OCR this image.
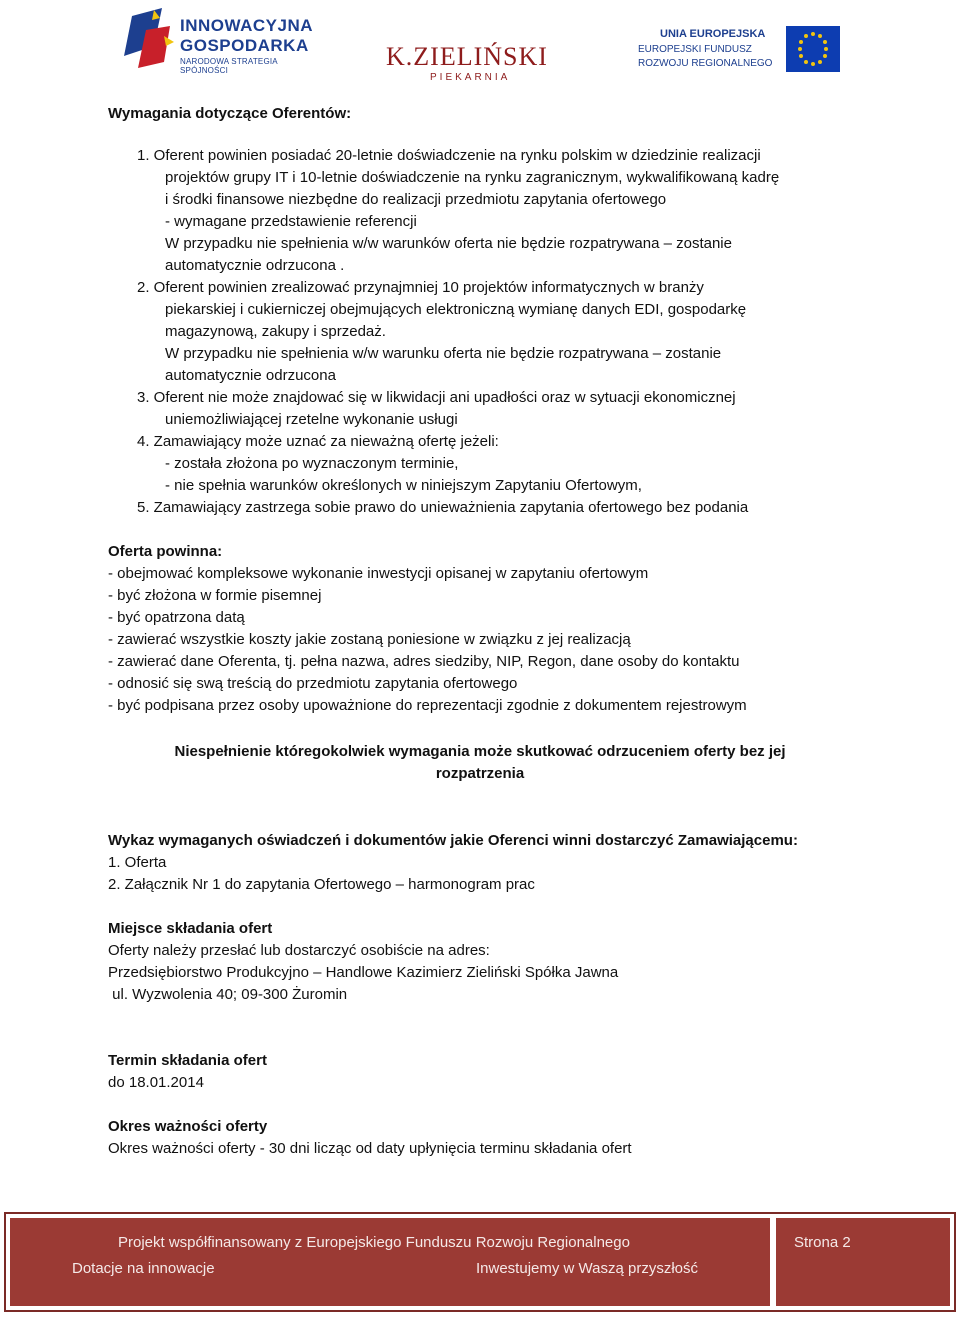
INNOWACYJNA
GOSPODARKA
NARODOWA STRATEGIA SPÓJNOŚCI	K.ZIELIŃSKI
PIEKARNIA
UNIA EUROPEJSKA
EUROPEJSKI FUNDUSZ
ROZWOJU REGIONALNEGO
Wymagania dotyczące Oferentów:
1. Oferent powinien posiadać 20-letnie doświadczenie na rynku polskim w dziedzinie realizacji
projektów grupy IT i 10-letnie doświadczenie na rynku zagranicznym, wykwalifikowaną kadrę
i środki finansowe niezbędne do realizacji przedmiotu zapytania ofertowego
- wymagane przedstawienie referencji
W przypadku nie spełnienia w/w warunków oferta nie będzie rozpatrywana – zostanie
automatycznie odrzucona .
2. Oferent powinien zrealizować przynajmniej 10 projektów informatycznych w branży
piekarskiej i cukierniczej obejmujących elektroniczną wymianę danych EDI, gospodarkę
magazynową, zakupy i sprzedaż.
W przypadku nie spełnienia w/w warunku oferta nie będzie rozpatrywana – zostanie
automatycznie odrzucona
3. Oferent nie może znajdować się w likwidacji ani upadłości oraz w sytuacji ekonomicznej
uniemożliwiającej rzetelne wykonanie usługi
4. Zamawiający może uznać za nieważną ofertę jeżeli:
- została złożona po wyznaczonym terminie,
- nie spełnia warunków określonych w niniejszym Zapytaniu Ofertowym,
5. Zamawiający zastrzega sobie prawo do unieważnienia zapytania ofertowego bez podania
Oferta powinna:
- obejmować kompleksowe wykonanie inwestycji opisanej w zapytaniu ofertowym
- być złożona w formie pisemnej
- być opatrzona datą
- zawierać wszystkie koszty jakie zostaną poniesione w związku z jej realizacją
- zawierać dane Oferenta, tj. pełna nazwa, adres siedziby, NIP, Regon, dane osoby do kontaktu
- odnosić się swą treścią do przedmiotu zapytania ofertowego
- być podpisana przez osoby upoważnione do reprezentacji zgodnie z dokumentem rejestrowym
Niespełnienie któregokolwiek wymagania może skutkować odrzuceniem oferty bez jej
rozpatrzenia
Wykaz wymaganych oświadczeń i dokumentów jakie Oferenci winni dostarczyć Zamawiającemu:
1. Oferta
2. Załącznik Nr 1 do zapytania Ofertowego – harmonogram prac
Miejsce składania ofert
Oferty należy przesłać lub dostarczyć osobiście na adres:
Przedsiębiorstwo Produkcyjno – Handlowe Kazimierz Zieliński Spółka Jawna
ul. Wyzwolenia 40; 09-300 Żuromin
Termin składania ofert
do 18.01.2014
Okres ważności oferty
Okres ważności oferty - 30 dni licząc od daty upłynięcia terminu składania ofert
Projekt współfinansowany z Europejskiego Funduszu Rozwoju Regionalnego
Dotacje na innowacje	Inwestujemy w Waszą przyszłość
Strona 2
